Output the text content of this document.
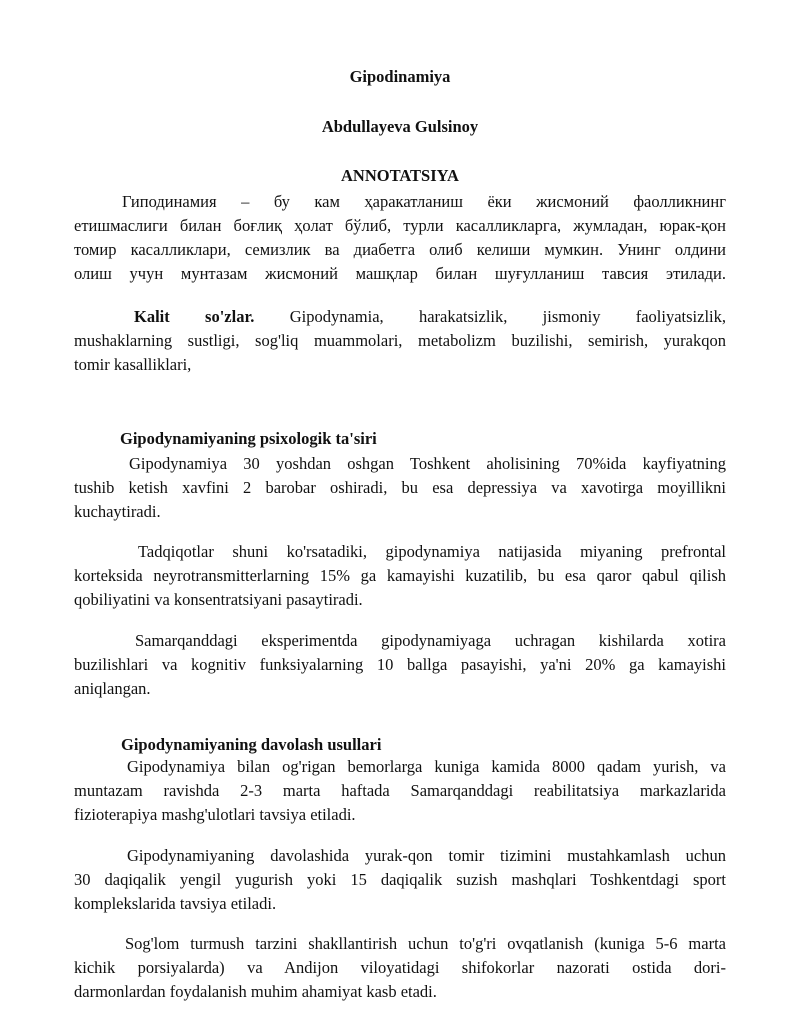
Gipodinamiya
Abdullayeva Gulsinoy
ANNOTATSIYA
Гиподинамия – бу кам ҳаракатланиш ёки жисмоний фаолликнинг
етишмаслиги билан боғлиқ ҳолат бўлиб, турли касалликларга, жумладан, юрак-қон
томир касалликлари, семизлик ва диабетга олиб келиши мумкин. Унинг олдини
олиш учун мунтазам жисмоний машқлар билан шуғулланиш тавсия этилади.
Kalit so'zlar. Gipodynamia, harakatsizlik, jismoniy faoliyatsizlik,
mushaklarning sustligi, sog'liq muammolari, metabolizm buzilishi, semirish, yurakqon
tomir kasalliklari,
Gipodynamiyaning psixologik ta'siri
Gipodynamiya 30 yoshdan oshgan Toshkent aholisining 70%ida kayfiyatning
tushib ketish xavfini 2 barobar oshiradi, bu esa depressiya va xavotirga moyillikni
kuchaytiradi.
Tadqiqotlar shuni ko'rsatadiki, gipodynamiya natijasida miyaning prefrontal
korteksida neyrotransmitterlarning 15% ga kamayishi kuzatilib, bu esa qaror qabul qilish
qobiliyatini va konsentratsiyani pasaytiradi.
Samarqanddagi eksperimentda gipodynamiyaga uchragan kishilarda xotira
buzilishlari va kognitiv funksiyalarning 10 ballga pasayishi, ya'ni 20% ga kamayishi
aniqlangan.
Gipodynamiyaning davolash usullari
Gipodynamiya bilan og'rigan bemorlarga kuniga kamida 8000 qadam yurish, va
muntazam ravishda 2-3 marta haftada Samarqanddagi reabilitatsiya markazlarida
fizioterapiya mashg'ulotlari tavsiya etiladi.
Gipodynamiyaning davolashida yurak-qon tomir tizimini mustahkamlash uchun
30 daqiqalik yengil yugurish yoki 15 daqiqalik suzish mashqlari Toshkentdagi sport
komplekslarida tavsiya etiladi.
Sog'lom turmush tarzini shakllantirish uchun to'g'ri ovqatlanish (kuniga 5-6 marta
kichik porsiyalarda) va Andijon viloyatidagi shifokorlar nazorati ostida dori-
darmonlardan foydalanish muhim ahamiyat kasb etadi.
